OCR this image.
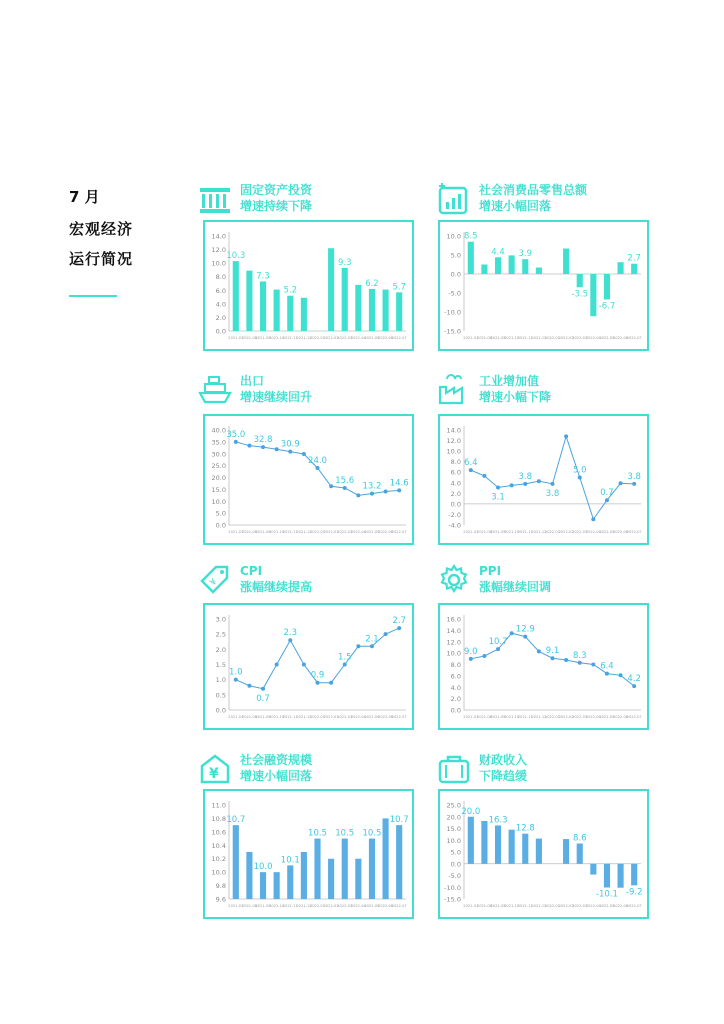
7 月
宏观经济
运行简况
固定资产投资
增速持续下降
0.0
2.0
4.0
6.0
8.0
10.0
12.0
14.0
2021-07
2021-08
2021-09
2021-10
2021-11
2021-12
2022-01
2022-02
2022-03
2022-04
2022-05
2022-06
2022-07
10.3
7.3
5.2
9.3
6.2 5.7
社会消费品零售总额
增速小幅回落
-15.0
-10.0
-5.0
0.0
5.0
10.0
2021-07
2021-08
2021-09
2021-10
2021-11
2021-12
2022-01
2022-02
2022-03
2022-04
2022-05
2022-06
2022-07
8.5
4.4 3.9
-3.5
-6.7
2.7
出口
增速继续回升
0.0
5.0
10.0
15.0
20.0
25.0
30.0
35.0
40.0
2021-07
2021-08
2021-09
2021-10
2021-11
2021-12
2022-01
2022-02
2022-03
2022-04
2022-05
2022-06
2022-07
35.0
32.8 30.9
24.0
15.6
13.2 14.6
工业增加值
增速小幅下降
-4.0
-2.0
0.0
2.0
4.0
6.0
8.0
10.0
12.0
14.0
2021-07
2021-08
2021-09
2021-10
2021-11
2021-12
2022-01
2022-02
2022-03
2022-04
2022-05
2022-06
2022-07
6.4
3.1
3.8
3.8
5.0
0.7
3.8
¥
CPI
涨幅继续提高
0.0
0.5
1.0
1.5
2.0
2.5
3.0
2021-07
2021-08
2021-09
2021-10
2021-11
2021-12
2022-01
2022-02
2022-03
2022-04
2022-05
2022-06
2022-07
1.0
0.7
2.3
0.9
1.5
2.1
2.7
PPI
涨幅继续回调
0.0
2.0
4.0
6.0
8.0
10.0
12.0
14.0
16.0
2021-07
2021-08
2021-09
2021-10
2021-11
2021-12
2022-01
2022-02
2022-03
2022-04
2022-05
2022-06
2022-07
9.0
10.7
12.9
9.1 8.3
6.4
4.2
¥
社会融资规模
增速小幅回落
9.6
9.8
10.0
10.2
10.4
10.6
10.8
11.0
2021-07
2021-08
2021-09
2021-10
2021-11
2021-12
2022-01
2022-02
2022-03
2022-04
2022-05
2022-06
2022-07
10.7
10.0
10.1
10.5 10.5 10.5
10.7
财政收入
下降趋缓
-15.0
-10.0
-5.0
0.0
5.0
10.0
15.0
20.0
25.0
2021-07
2021-08
2021-09
2021-10
2021-11
2021-12
2022-01
2022-02
2022-03
2022-04
2022-05
2022-06
2022-07
20.0
16.3
12.8
8.6
-10.1 -9.2
